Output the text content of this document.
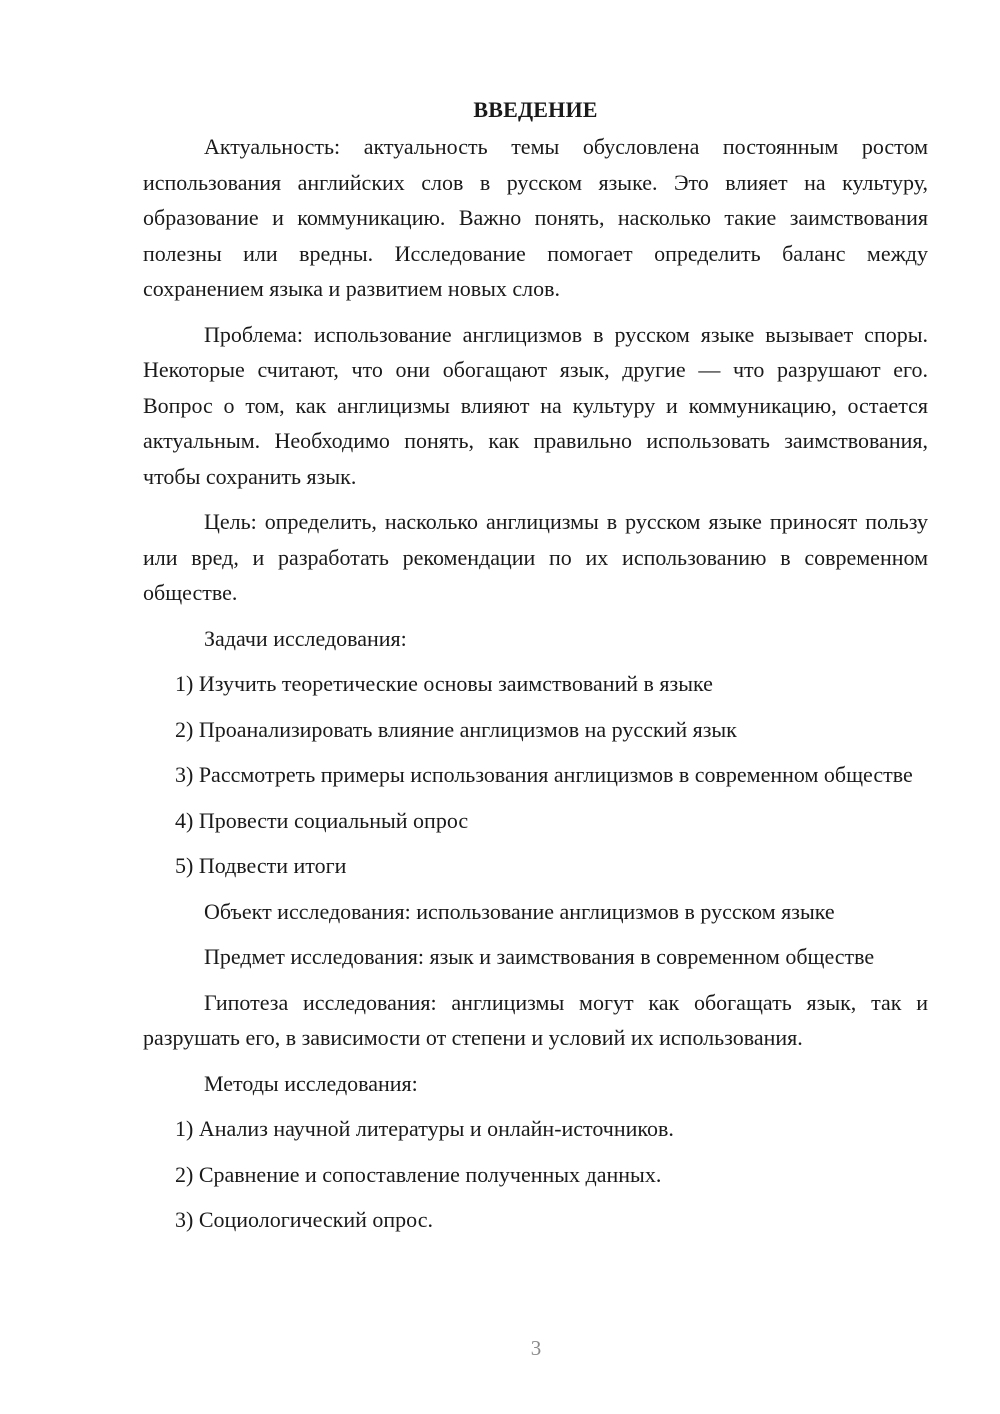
ВВЕДЕНИЕ

Актуальность: актуальность темы обусловлена постоянным ростом использования английских слов в русском языке. Это влияет на культуру, образование и коммуникацию. Важно понять, насколько такие заимствования полезны или вредны. Исследование помогает определить баланс между сохранением языка и развитием новых слов.

Проблема: использование англицизмов в русском языке вызывает споры. Некоторые считают, что они обогащают язык, другие — что разрушают его. Вопрос о том, как англицизмы влияют на культуру и коммуникацию, остается актуальным. Необходимо понять, как правильно использовать заимствования, чтобы сохранить язык.

Цель: определить, насколько англицизмы в русском языке приносят пользу или вред, и разработать рекомендации по их использованию в современном обществе.

Задачи исследования:

1) Изучить теоретические основы заимствований в языке

2) Проанализировать влияние англицизмов на русский язык

3) Рассмотреть примеры использования англицизмов в современном обществе

4) Провести социальный опрос

5) Подвести итоги

Объект исследования: использование англицизмов в русском языке

Предмет исследования: язык и заимствования в современном обществе

Гипотеза исследования: англицизмы могут как обогащать язык, так и разрушать его, в зависимости от степени и условий их использования.

Методы исследования:

1) Анализ научной литературы и онлайн-источников.

2) Сравнение и сопоставление полученных данных.

3) Социологический опрос.

3
